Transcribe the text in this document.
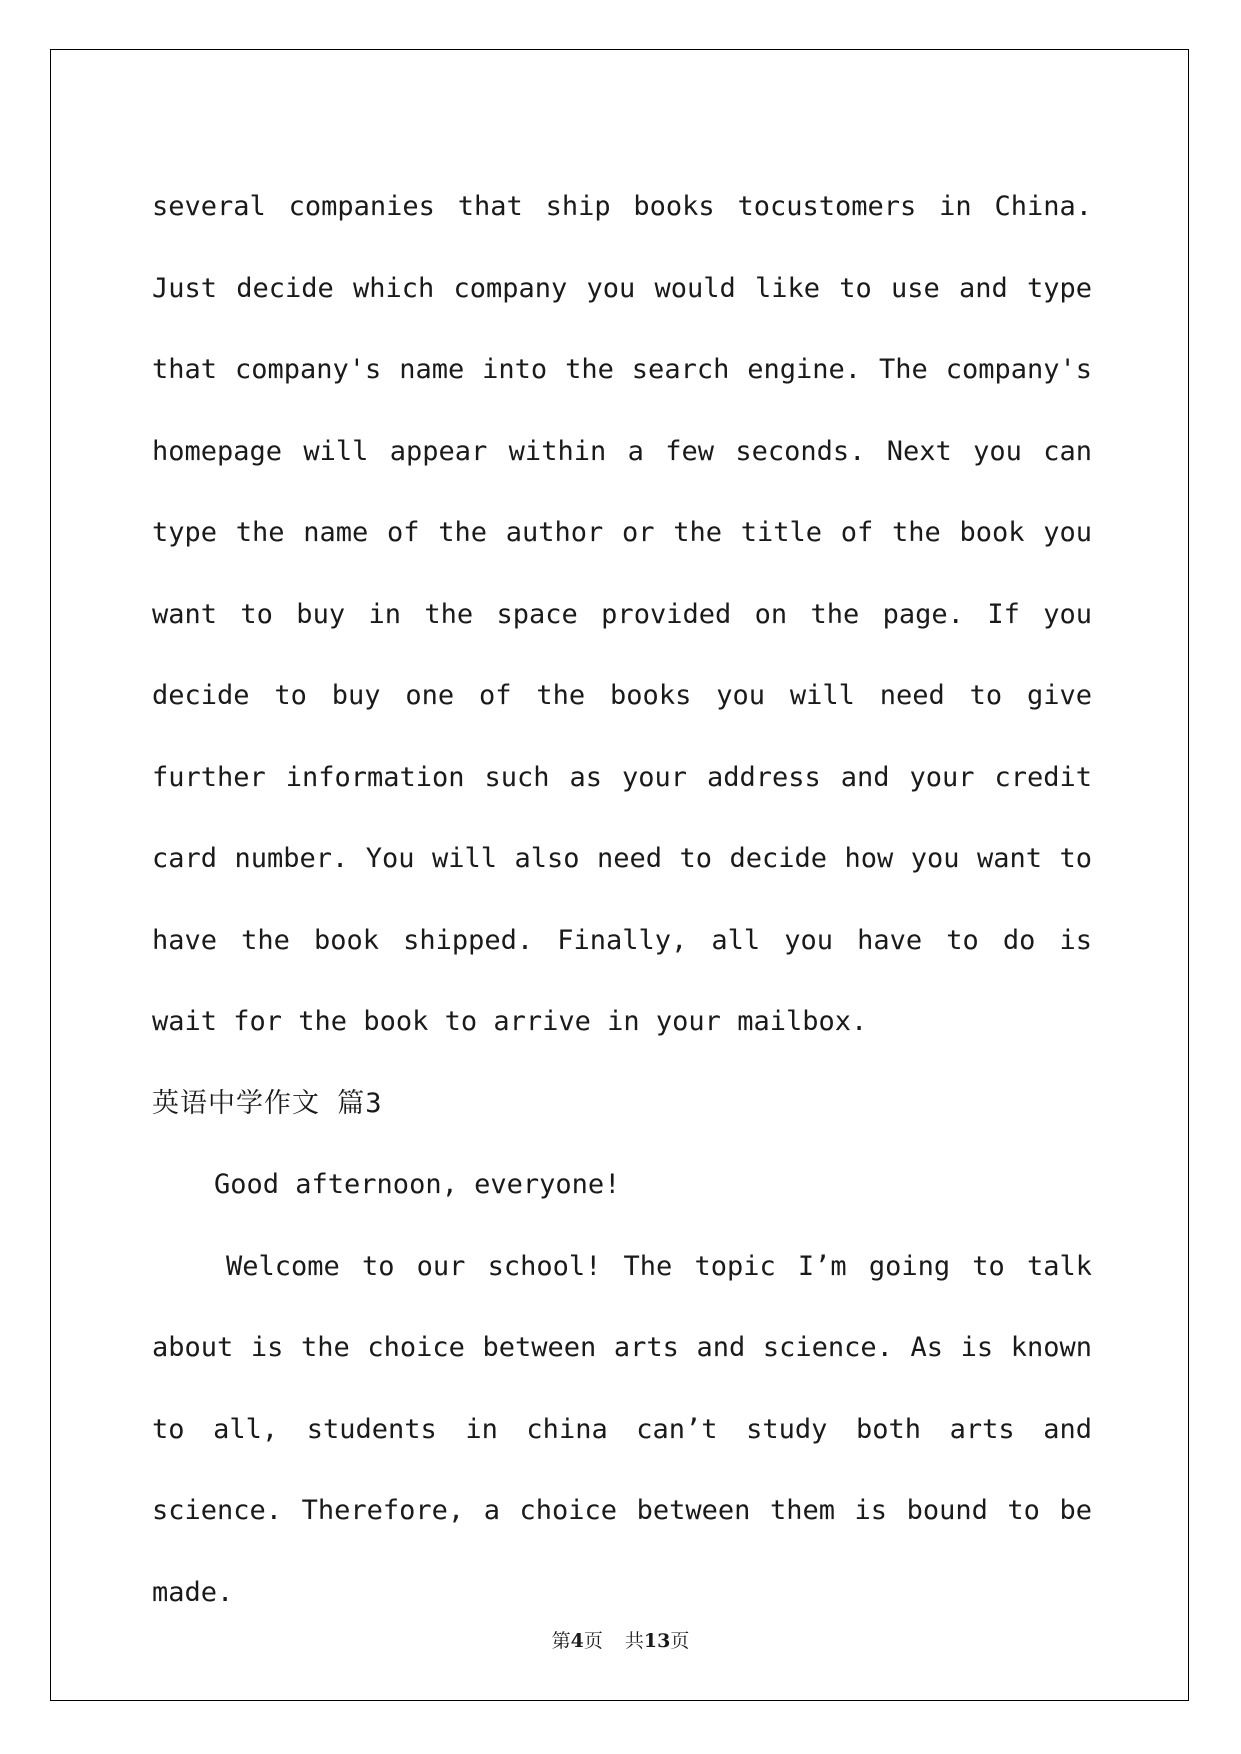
several companies that ship books tocustomers in China. Just decide which company you would like to use and type that company's name into the search engine. The company's homepage will appear within a few seconds. Next you can type the name of the author or the title of the book you want to buy in the space provided on the page. If you decide to buy one of the books you will need to give further information such as your address and your credit card number. You will also need to decide how you want to have the book shipped. Finally, all you have to do is wait for the book to arrive in your mailbox.

英语中学作文 篇3

Good afternoon, everyone!

Welcome to our school! The topic I’m going to talk about is the choice between arts and science. As is known to all, students in china can’t study both arts and science. Therefore, a choice between them is bound to be made.

第4页 共13页
